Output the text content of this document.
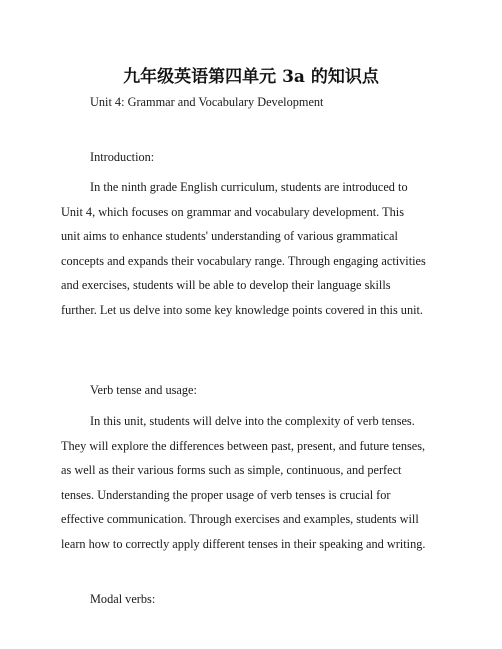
九年级英语第四单元 3a 的知识点

Unit 4: Grammar and Vocabulary Development

Introduction:

In the ninth grade English curriculum, students are introduced to Unit 4, which focuses on grammar and vocabulary development. This unit aims to enhance students' understanding of various grammatical concepts and expands their vocabulary range. Through engaging activities and exercises, students will be able to develop their language skills further. Let us delve into some key knowledge points covered in this unit.

Verb tense and usage:

In this unit, students will delve into the complexity of verb tenses. They will explore the differences between past, present, and future tenses, as well as their various forms such as simple, continuous, and perfect tenses. Understanding the proper usage of verb tenses is crucial for effective communication. Through exercises and examples, students will learn how to correctly apply different tenses in their speaking and writing.

Modal verbs:
